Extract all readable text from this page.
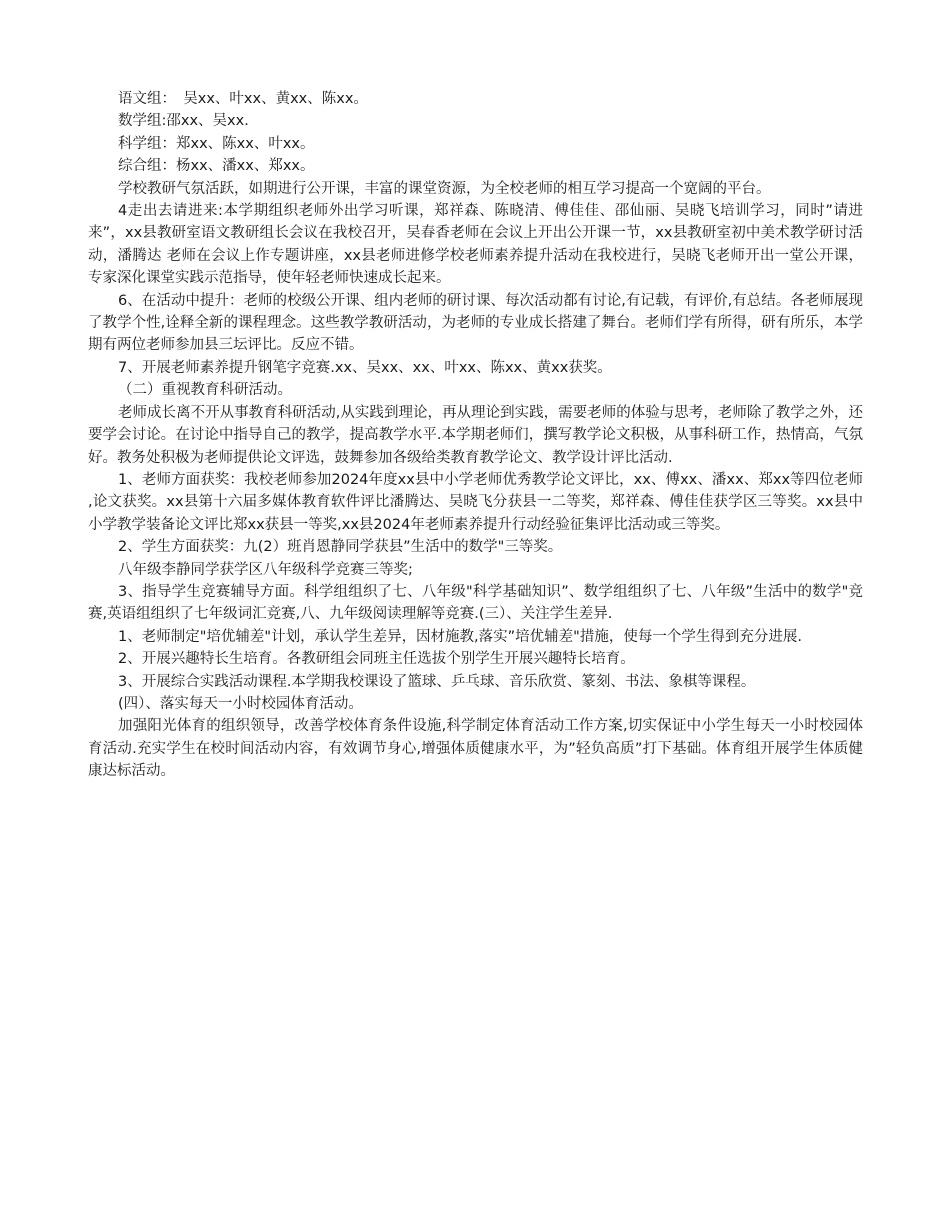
语文组：　吴xx、叶xx、黄xx、陈xx。

数学组:邵xx、吴xx.

科学组：郑xx、陈xx、叶xx。

综合组：杨xx、潘xx、郑xx。

学校教研气氛活跃，如期进行公开课，丰富的课堂资源，为全校老师的相互学习提高一个宽阔的平台。

4走出去请进来:本学期组织老师外出学习听课，郑祥森、陈晓清、傅佳佳、邵仙丽、吴晓飞培训学习，同时”请进来”，xx县教研室语文教研组长会议在我校召开，吴春香老师在会议上开出公开课一节，xx县教研室初中美术教学研讨活动，潘腾达 老师在会议上作专题讲座，xx县老师进修学校老师素养提升活动在我校进行，吴晓飞老师开出一堂公开课，专家深化课堂实践示范指导，使年轻老师快速成长起来。

6、在活动中提升：老师的校级公开课、组内老师的研讨课、每次活动都有讨论,有记载，有评价,有总结。各老师展现了教学个性,诠释全新的课程理念。这些教学教研活动，为老师的专业成长搭建了舞台。老师们学有所得，研有所乐，本学期有两位老师参加县三坛评比。反应不错。

7、开展老师素养提升钢笔字竞赛.xx、吴xx、xx、叶xx、陈xx、黄xx获奖。

（二）重视教育科研活动。

老师成长离不开从事教育科研活动,从实践到理论，再从理论到实践，需要老师的体验与思考，老师除了教学之外，还要学会讨论。在讨论中指导自己的教学，提高教学水平.本学期老师们，撰写教学论文积极，从事科研工作，热情高，气氛好。教务处积极为老师提供论文评选，鼓舞参加各级给类教育教学论文、教学设计评比活动.

1、老师方面获奖：我校老师参加2024年度xx县中小学老师优秀教学论文评比，xx、傅xx、潘xx、郑xx等四位老师 ,论文获奖。xx县第十六届多媒体教育软件评比潘腾达、吴晓飞分获县一二等奖，郑祥森、傅佳佳获学区三等奖。xx县中小学教学装备论文评比郑xx获县一等奖,xx县2024年老师素养提升行动经验征集评比活动或三等奖。

2、学生方面获奖：九(2）班肖恩静同学获县”生活中的数学"三等奖。

八年级李静同学获学区八年级科学竞赛三等奖;

3、指导学生竞赛辅导方面。科学组组织了七、八年级"科学基础知识”、数学组组织了七、八年级”生活中的数学"竞赛,英语组组织了七年级词汇竞赛,八、九年级阅读理解等竞赛.(三）、关注学生差异.

1、老师制定"培优辅差"计划，承认学生差异，因材施教,落实”培优辅差"措施，使每一个学生得到充分进展.

2、开展兴趣特长生培育。各教研组会同班主任选拔个别学生开展兴趣特长培育。

3、开展综合实践活动课程.本学期我校课设了篮球、乒乓球、音乐欣赏、篆刻、书法、象棋等课程。

(四）、落实每天一小时校园体育活动。

加强阳光体育的组织领导，改善学校体育条件设施,科学制定体育活动工作方案,切实保证中小学生每天一小时校园体育活动.充实学生在校时间活动内容，有效调节身心,增强体质健康水平，为”轻负高质”打下基础。体育组开展学生体质健康达标活动。
